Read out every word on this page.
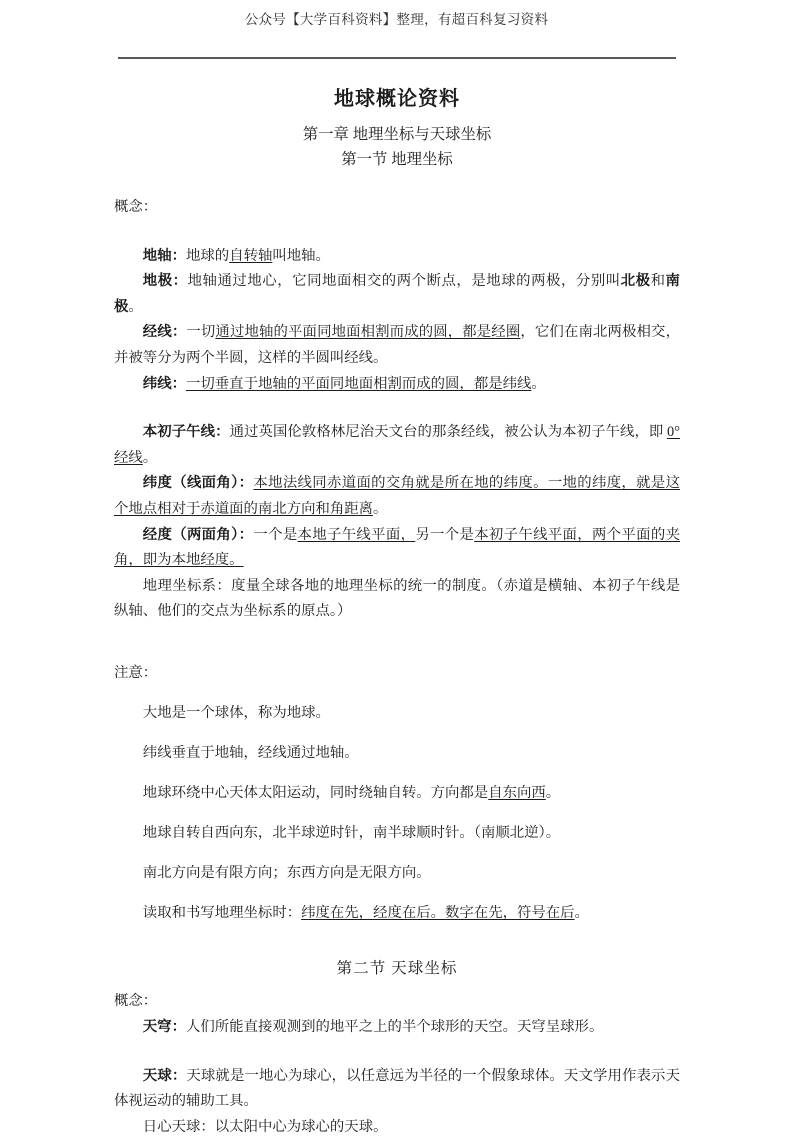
公众号【大学百科资料】整理，有超百科复习资料
地球概论资料
第一章 地理坐标与天球坐标
第一节 地理坐标
概念：

地轴：地球的自转轴叫地轴。

地极：地轴通过地心，它同地面相交的两个断点，是地球的两极，分别叫北极和南极。

经线：一切通过地轴的平面同地面相割而成的圆，都是经圈，它们在南北两极相交，并被等分为两个半圆，这样的半圆叫经线。

纬线：一切垂直于地轴的平面同地面相割而成的圆，都是纬线。

本初子午线：通过英国伦敦格林尼治天文台的那条经线，被公认为本初子午线，即 0°经线。

纬度（线面角）：本地法线同赤道面的交角就是所在地的纬度。一地的纬度，就是这个地点相对于赤道面的南北方向和角距离。

经度（两面角）：一个是本地子午线平面，另一个是本初子午线平面，两个平面的夹角，即为本地经度。

地理坐标系：度量全球各地的地理坐标的统一的制度。（赤道是横轴、本初子午线是纵轴、他们的交点为坐标系的原点。）

注意：

大地是一个球体，称为地球。

纬线垂直于地轴，经线通过地轴。

地球环绕中心天体太阳运动，同时绕轴自转。方向都是自东向西。

地球自转自西向东，北半球逆时针，南半球顺时针。（南顺北逆）。

南北方向是有限方向；东西方向是无限方向。

读取和书写地理坐标时：纬度在先，经度在后。数字在先，符号在后。

第二节 天球坐标
概念：

天穹：人们所能直接观测到的地平之上的半个球形的天空。天穹呈球形。

天球：天球就是一地心为球心，以任意远为半径的一个假象球体。天文学用作表示天体视运动的辅助工具。

日心天球：以太阳中心为球心的天球。
